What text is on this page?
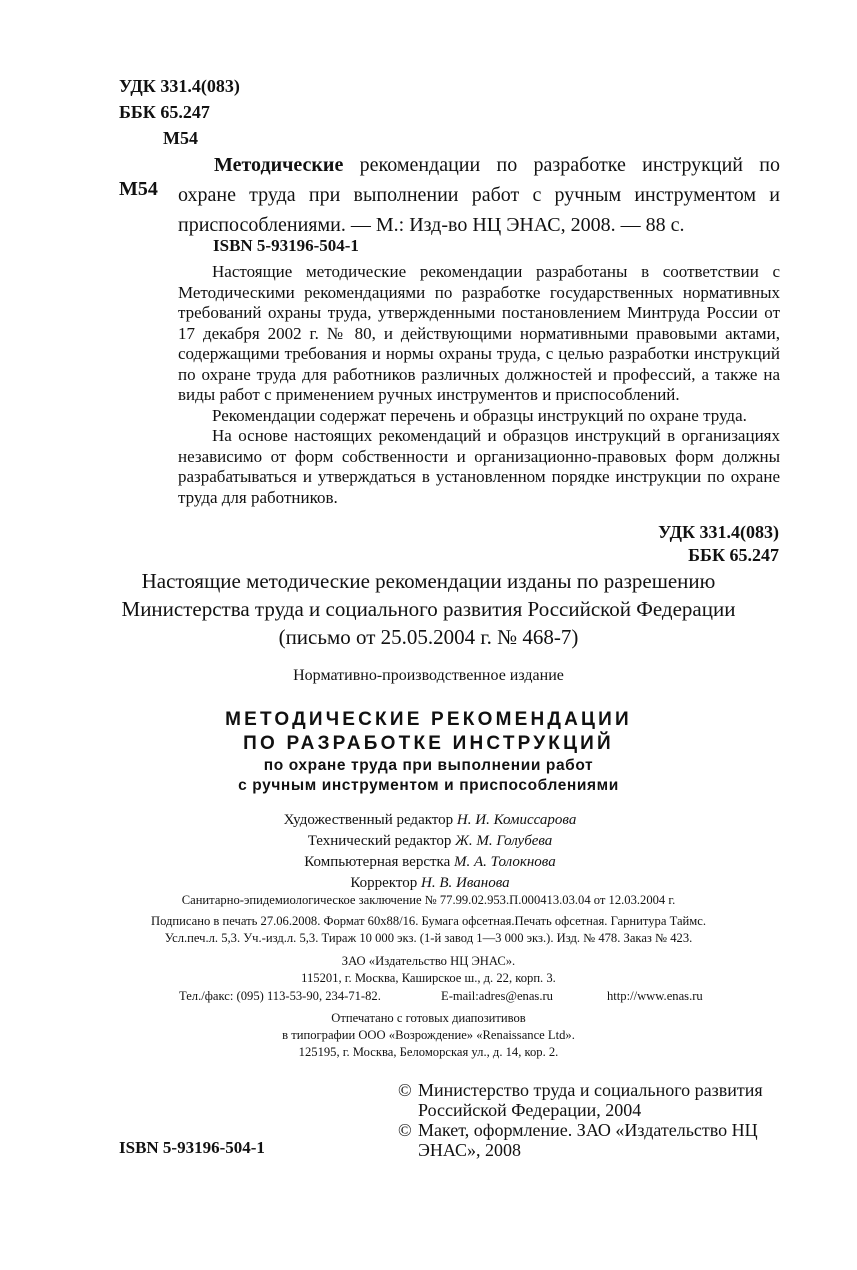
УДК 331.4(083)
ББК 65.247
М54
М54
Методические рекомендации по разработке инструкций по охране труда при выполнении работ с ручным инструментом и приспособлениями. — М.: Изд-во НЦ ЭНАС, 2008. — 88 с.
ISBN 5-93196-504-1

Настоящие методические рекомендации разработаны в соответствии с Методическими рекомендациями по разработке государственных нормативных требований охраны труда, утвержденными постановлением Минтруда России от 17 декабря 2002 г. № 80, и действующими нормативными правовыми актами, содержащими требования и нормы охраны труда, с целью разработки инструкций по охране труда для работников различных должностей и профессий, а также на виды работ с применением ручных инструментов и приспособлений.

Рекомендации содержат перечень и образцы инструкций по охране труда.

На основе настоящих рекомендаций и образцов инструкций в организациях независимо от форм собственности и организационно-правовых форм должны разрабатываться и утверждаться в установленном порядке инструкции по охране труда для работников.

УДК 331.4(083)
ББК 65.247
Настоящие методические рекомендации изданы по разрешению
Министерства труда и социального развития Российской Федерации
(письмо от 25.05.2004 г. № 468-7)
Нормативно-производственное издание
МЕТОДИЧЕСКИЕ РЕКОМЕНДАЦИИ
ПО РАЗРАБОТКЕ ИНСТРУКЦИЙ
по охране труда при выполнении работ
с ручным инструментом и приспособлениями
Художественный редактор Н. И. Комиссарова
Технический редактор Ж. М. Голубева
Компьютерная верстка М. А. Толокнова
Корректор Н. В. Иванова
Санитарно-эпидемиологическое заключение № 77.99.02.953.П.000413.03.04 от 12.03.2004 г.
Подписано в печать 27.06.2008. Формат 60х88/16. Бумага офсетная.Печать офсетная. Гарнитура Таймс.
Усл.печ.л. 5,3. Уч.-изд.л. 5,3. Тираж 10 000 экз. (1-й завод 1—3 000 экз.). Изд. № 478. Заказ № 423.
ЗАО «Издательство НЦ ЭНАС».
115201, г. Москва, Каширское ш., д. 22, корп. 3.
Тел./факс: (095) 113-53-90, 234-71-82.	E-mail:adres@enas.ru	http://www.enas.ru
Отпечатано с готовых диапозитивов
в типографии ООО «Возрождение» «Renaissance Ltd».
125195, г. Москва, Беломорская ул., д. 14, кор. 2.
© Министерство труда и социального развития
Российской Федерации, 2004
© Макет, оформление. ЗАО «Издательство НЦ
ЭНАС», 2008
ISBN 5-93196-504-1
